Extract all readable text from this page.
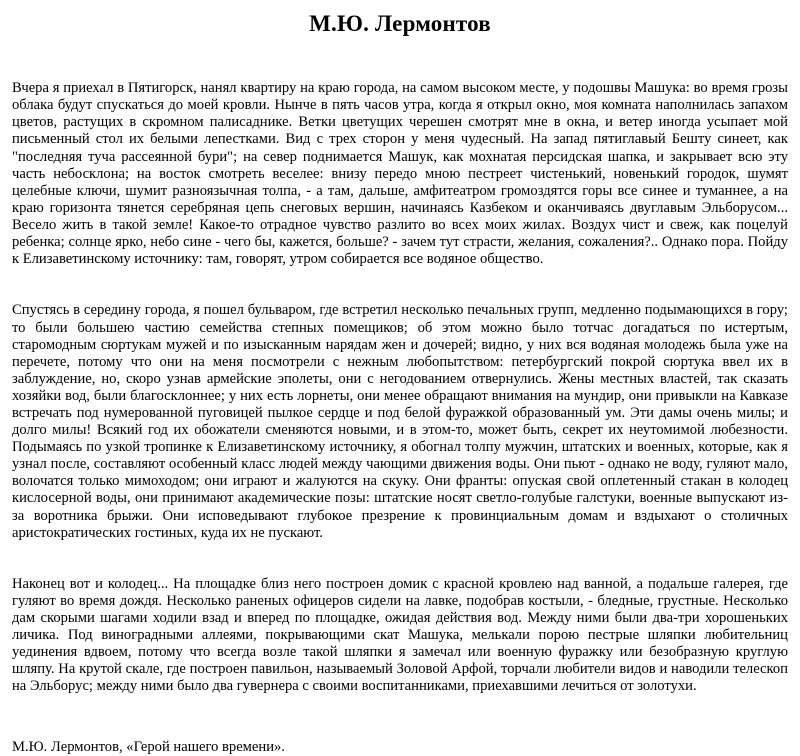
М.Ю. Лермонтов

Вчера я приехал в Пятигорск, нанял квартиру на краю города, на самом высоком месте, у подошвы Машука: во время грозы облака будут спускаться до моей кровли. Нынче в пять часов утра, когда я открыл окно, моя комната наполнилась запахом цветов, растущих в скромном палисаднике. Ветки цветущих черешен смотрят мне в окна, и ветер иногда усыпает мой письменный стол их белыми лепестками. Вид с трех сторон у меня чудесный. На запад пятиглавый Бешту синеет, как "последняя туча рассеянной бури"; на север поднимается Машук, как мохнатая персидская шапка, и закрывает всю эту часть небосклона; на восток смотреть веселее: внизу передо мною пестреет чистенький, новенький городок, шумят целебные ключи, шумит разноязычная толпа, - а там, дальше, амфитеатром громоздятся горы все синее и туманнее, а на краю горизонта тянется серебряная цепь снеговых вершин, начинаясь Казбеком и оканчиваясь двуглавым Эльборусом... Весело жить в такой земле! Какое-то отрадное чувство разлито во всех моих жилах. Воздух чист и свеж, как поцелуй ребенка; солнце ярко, небо сине - чего бы, кажется, больше? - зачем тут страсти, желания, сожаления?.. Однако пора. Пойду к Елизаветинскому источнику: там, говорят, утром собирается все водяное общество.

Спустясь в середину города, я пошел бульваром, где встретил несколько печальных групп, медленно подымающихся в гору; то были большею частию семейства степных помещиков; об этом можно было тотчас догадаться по истертым, старомодным сюртукам мужей и по изысканным нарядам жен и дочерей; видно, у них вся водяная молодежь была уже на перечете, потому что они на меня посмотрели с нежным любопытством: петербургский покрой сюртука ввел их в заблуждение, но, скоро узнав армейские эполеты, они с негодованием отвернулись. Жены местных властей, так сказать хозяйки вод, были благосклоннее; у них есть лорнеты, они менее обращают внимания на мундир, они привыкли на Кавказе встречать под нумерованной пуговицей пылкое сердце и под белой фуражкой образованный ум. Эти дамы очень милы; и долго милы! Всякий год их обожатели сменяются новыми, и в этом-то, может быть, секрет их неутомимой любезности. Подымаясь по узкой тропинке к Елизаветинскому источнику, я обогнал толпу мужчин, штатских и военных, которые, как я узнал после, составляют особенный класс людей между чающими движения воды. Они пьют - однако не воду, гуляют мало, волочатся только мимоходом; они играют и жалуются на скуку. Они франты: опуская свой оплетенный стакан в колодец кислосерной воды, они принимают академические позы: штатские носят светло-голубые галстуки, военные выпускают из-за воротника брыжи. Они исповедывают глубокое презрение к провинциальным домам и вздыхают о столичных аристократических гостиных, куда их не пускают.

Наконец вот и колодец... На площадке близ него построен домик с красной кровлею над ванной, а подальше галерея, где гуляют во время дождя. Несколько раненых офицеров сидели на лавке, подобрав костыли, - бледные, грустные. Несколько дам скорыми шагами ходили взад и вперед по площадке, ожидая действия вод. Между ними были два-три хорошеньких личика. Под виноградными аллеями, покрывающими скат Машука, мелькали порою пестрые шляпки любительниц уединения вдвоем, потому что всегда возле такой шляпки я замечал или военную фуражку или безобразную круглую шляпу. На крутой скале, где построен павильон, называемый Золовой Арфой, торчали любители видов и наводили телескоп на Эльборус; между ними было два гувернера с своими воспитанниками, приехавшими лечиться от золотухи.

М.Ю. Лермонтов, «Герой нашего времени».
